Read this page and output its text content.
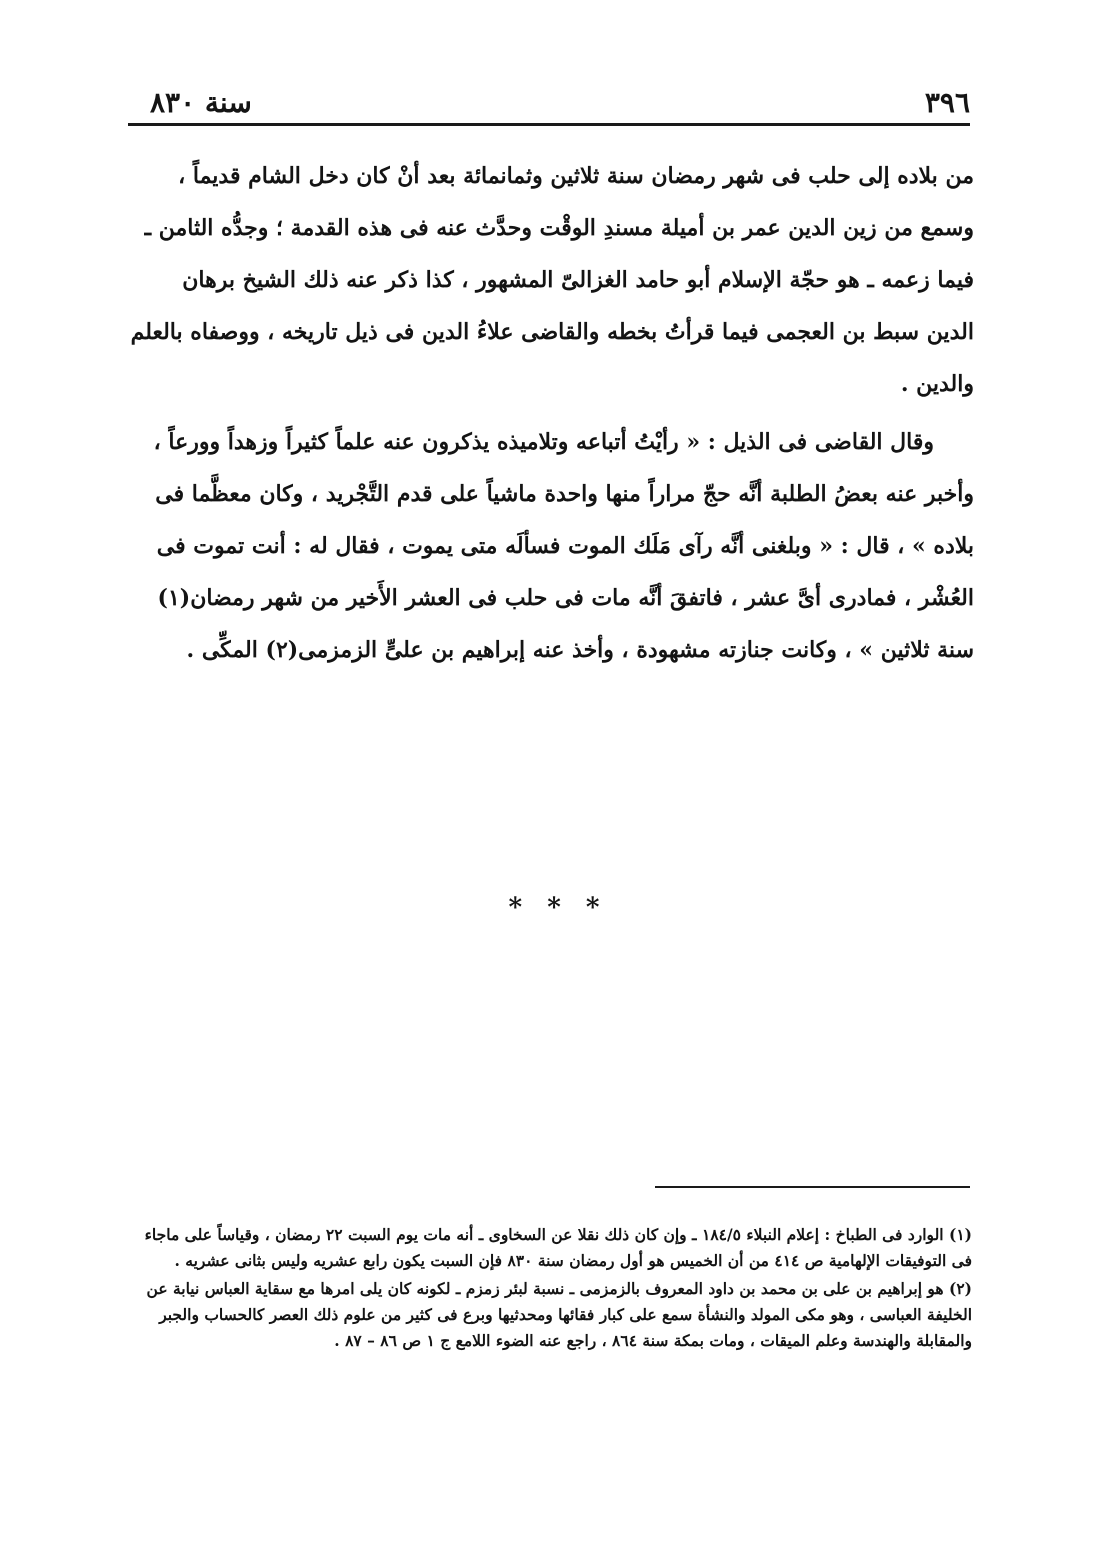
٣٩٦
سنة ٨٣٠

من بلاده إلى حلب فى شهر رمضان سنة ثلاثين وثمانمائة بعد أنْ كان دخل الشام قديماً ، وسمع من زين الدين عمر بن أميلة مسندِ الوقْت وحدَّث عنه فى هذه القدمة ؛ وجدُّه الثامن ـ فيما زعمه ـ هو حجّة الإسلام أبو حامد الغزالىّ المشهور ، كذا ذكر عنه ذلك الشيخ برهان الدين سبط بن العجمى فيما قرأتُ بخطه والقاضى علاءُ الدين فى ذيل تاريخه ، ووصفاه بالعلم والدين .

وقال القاضى فى الذيل : « رأيْتُ أتباعه وتلاميذه يذكرون عنه علماً كثيراً وزهداً وورعاً ، وأخبر عنه بعضُ الطلبة أنَّه حجّ مراراً منها واحدة ماشياً على قدم التَّجْريد ، وكان معظَّما فى بلاده » ، قال : « وبلغنى أنَّه رآى مَلَك الموت فسألَه متى يموت ، فقال له : أنت تموت فى العُشْر ، فمادرى أىَّ عشر ، فاتفقَ أنَّه مات فى حلب فى العشر الأَخير من شهر رمضان(١) سنة ثلاثين » ، وكانت جنازته مشهودة ، وأخذ عنه إبراهيم بن علىٍّ الزمزمى(٢) المكِّى .

* * *

(١) الوارد فى الطباخ : إعلام النبلاء ١٨٤/٥ ـ وإن كان ذلك نقلا عن السخاوى ـ أنه مات يوم السبت ٢٢ رمضان ، وقياساً على ماجاء فى التوفيقات الإلهامية ص ٤١٤ من أن الخميس هو أول رمضان سنة ٨٣٠ فإن السبت يكون رابع عشريه وليس بثانى عشريه .

(٢) هو إبراهيم بن على بن محمد بن داود المعروف بالزمزمى ـ نسبة لبئر زمزم ـ لكونه كان يلى امرها مع سقاية العباس نيابة عن الخليفة العباسى ، وهو مكى المولد والنشأة سمع على كبار فقائها ومحدثيها وبرع فى كثير من علوم ذلك العصر كالحساب والجبر والمقابلة والهندسة وعلم الميقات ، ومات بمكة سنة ٨٦٤ ، راجع عنه الضوء اللامع ج ١ ص ٨٦ – ٨٧ .
